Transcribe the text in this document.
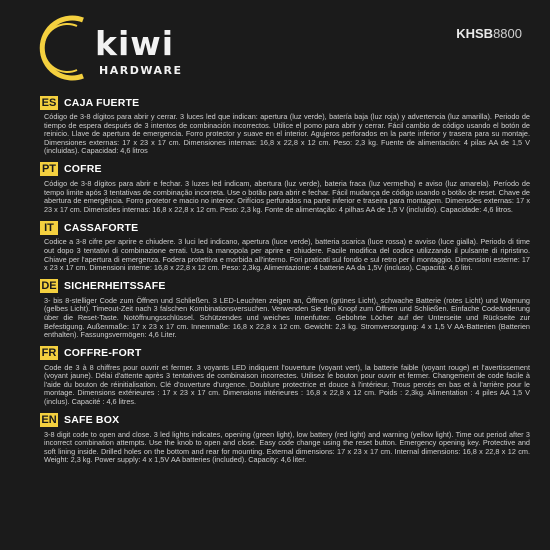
kiwi
HARDWARE
KHSB8800
ES CAJA FUERTE

Código de 3-8 dígitos para abrir y cerrar. 3 luces led que indican: apertura (luz verde), batería baja (luz roja) y advertencia (luz amarilla). Periodo de tiempo de espera después de 3 intentos de combinación incorrectos. Utilice el pomo para abrir y cerrar. Fácil cambio de código usando el botón de reinicio. Llave de apertura de emergencia. Forro protector y suave en el interior. Agujeros perforados en la parte inferior y trasera para su montaje. Dimensiones externas: 17 x 23 x 17 cm. Dimensiones internas: 16,8 x 22,8 x 12 cm. Peso: 2,3 kg. Fuente de alimentación: 4 pilas AA de 1,5 V (incluidas). Capacidad: 4,6 litros

PT COFRE

Código de 3-8 dígitos para abrir e fechar. 3 luzes led indicam, abertura (luz verde), bateria fraca (luz vermelha) e aviso (luz amarela). Período de tempo limite após 3 tentativas de combinação incorreta. Use o botão para abrir e fechar. Fácil mudança de código usando o botão de reset. Chave de abertura de emergência. Forro protetor e macio no interior. Orifícios perfurados na parte inferior e traseira para montagem. Dimensões externas: 17 x 23 x 17 cm. Dimensões internas: 16,8 x 22,8 x 12 cm. Peso: 2,3 kg. Fonte de alimentação: 4 pilhas AA de 1,5 V (incluído). Capacidade: 4,6 litros.

IT CASSAFORTE

Codice a 3-8 cifre per aprire e chiudere. 3 luci led indicano, apertura (luce verde), batteria scarica (luce rossa) e avviso (luce gialla). Periodo di time out dopo 3 tentativi di combinazione errati. Usa la manopola per aprire e chiudere. Facile modifica del codice utilizzando il pulsante di ripristino. Chiave per l'apertura di emergenza. Fodera protettiva e morbida all'interno. Fori praticati sul fondo e sul retro per il montaggio. Dimensioni esterne: 17 x 23 x 17 cm. Dimensioni interne: 16,8 x 22,8 x 12 cm. Peso: 2,3kg. Alimentazione: 4 batterie AA da 1,5V (incluso). Capacità: 4,6 litri.

DE SICHERHEITSSAFE

3- bis 8-stelliger Code zum Öffnen und Schließen. 3 LED-Leuchten zeigen an, Öffnen (grünes Licht), schwache Batterie (rotes Licht) und Warnung (gelbes Licht). Timeout-Zeit nach 3 falschen Kombinationsversuchen. Verwenden Sie den Knopf zum Öffnen und Schließen. Einfache Codeänderung über die Reset-Taste. Notöffnungsschlüssel. Schützendes und weiches Innenfutter. Gebohrte Löcher auf der Unterseite und Rückseite zur Befestigung. Außenmaße: 17 x 23 x 17 cm. Innenmaße: 16,8 x 22,8 x 12 cm. Gewicht: 2,3 kg. Stromversorgung: 4 x 1,5 V AA-Batterien (Batterien enthalten). Fassungsvermögen: 4,6 Liter.

FR COFFRE-FORT

Code de 3 à 8 chiffres pour ouvrir et fermer. 3 voyants LED indiquent l'ouverture (voyant vert), la batterie faible (voyant rouge) et l'avertissement (voyant jaune). Délai d'attente après 3 tentatives de combinaison incorrectes. Utilisez le bouton pour ouvrir et fermer. Changement de code facile à l'aide du bouton de réinitialisation. Clé d'ouverture d'urgence. Doublure protectrice et douce à l'intérieur. Trous percés en bas et à l'arrière pour le montage. Dimensions extérieures : 17 x 23 x 17 cm. Dimensions intérieures : 16,8 x 22,8 x 12 cm. Poids : 2,3kg. Alimentation : 4 piles AA 1,5 V (inclus). Capacité : 4,6 litres.

EN SAFE BOX

3-8 digit code to open and close. 3 led lights indicates, opening (green light), low battery (red light) and warning (yellow light). Time out period after 3 incorrect combination attempts. Use the knob to open and close. Easy code change using the reset button. Emergency opening key. Protective and soft lining inside. Drilled holes on the bottom and rear for mounting. External dimensions: 17 x 23 x 17 cm. Internal dimensions: 16,8 x 22,8 x 12 cm. Weight: 2,3 kg. Power supply: 4 x 1,5V AA batteries (included). Capacity: 4,6 liter.
